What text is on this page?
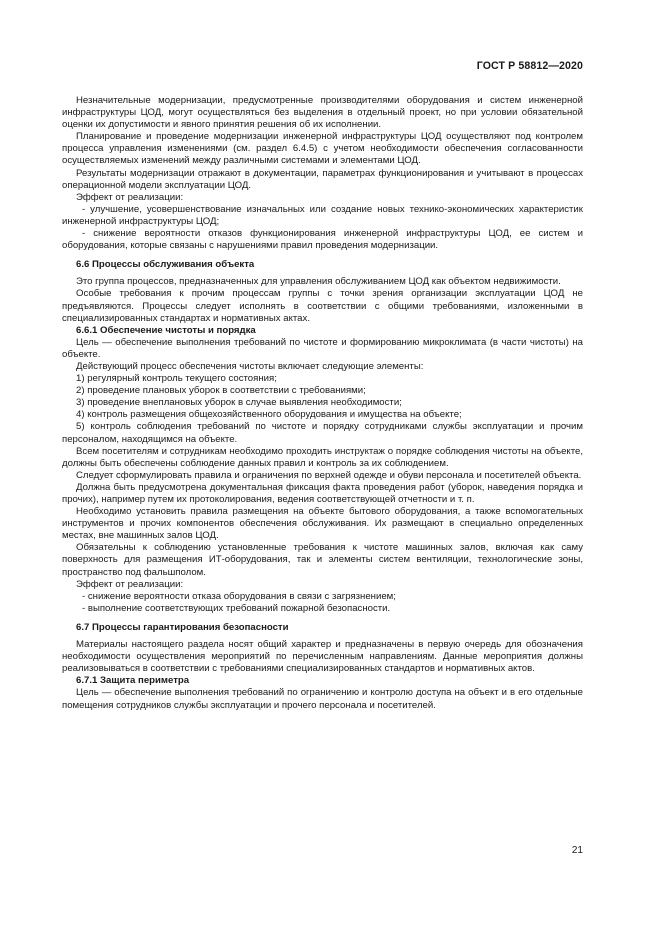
ГОСТ Р 58812—2020

Незначительные модернизации, предусмотренные производителями оборудования и систем инженерной инфраструктуры ЦОД, могут осуществляться без выделения в отдельный проект, но при условии обязательной оценки их допустимости и явного принятия решения об их исполнении.

Планирование и проведение модернизации инженерной инфраструктуры ЦОД осуществляют под контролем процесса управления изменениями (см. раздел 6.4.5) с учетом необходимости обеспечения согласованности осуществляемых изменений между различными системами и элементами ЦОД.

Результаты модернизации отражают в документации, параметрах функционирования и учитывают в процессах операционной модели эксплуатации ЦОД.

Эффект от реализации:

- улучшение, усовершенствование изначальных или создание новых технико-экономических характеристик инженерной инфраструктуры ЦОД;

- снижение вероятности отказов функционирования инженерной инфраструктуры ЦОД, ее систем и оборудования, которые связаны с нарушениями правил проведения модернизации.

6.6 Процессы обслуживания объекта

Это группа процессов, предназначенных для управления обслуживанием ЦОД как объектом недвижимости.

Особые требования к прочим процессам группы с точки зрения организации эксплуатации ЦОД не предъявляются. Процессы следует исполнять в соответствии с общими требованиями, изложенными в специализированных стандартах и нормативных актах.

6.6.1 Обеспечение чистоты и порядка

Цель — обеспечение выполнения требований по чистоте и формированию микроклимата (в части чистоты) на объекте.

Действующий процесс обеспечения чистоты включает следующие элементы:

1) регулярный контроль текущего состояния;

2) проведение плановых уборок в соответствии с требованиями;

3) проведение внеплановых уборок в случае выявления необходимости;

4) контроль размещения общехозяйственного оборудования и имущества на объекте;

5) контроль соблюдения требований по чистоте и порядку сотрудниками службы эксплуатации и прочим персоналом, находящимся на объекте.

Всем посетителям и сотрудникам необходимо проходить инструктаж о порядке соблюдения чистоты на объекте, должны быть обеспечены соблюдение данных правил и контроль за их соблюдением.

Следует сформулировать правила и ограничения по верхней одежде и обуви персонала и посетителей объекта.

Должна быть предусмотрена документальная фиксация факта проведения работ (уборок, наведения порядка и прочих), например путем их протоколирования, ведения соответствующей отчетности и т. п.

Необходимо установить правила размещения на объекте бытового оборудования, а также вспомогательных инструментов и прочих компонентов обеспечения обслуживания. Их размещают в специально определенных местах, вне машинных залов ЦОД.

Обязательны к соблюдению установленные требования к чистоте машинных залов, включая как саму поверхность для размещения ИТ-оборудования, так и элементы систем вентиляции, технологические зоны, пространство под фальшполом.

Эффект от реализации:

- снижение вероятности отказа оборудования в связи с загрязнением;

- выполнение соответствующих требований пожарной безопасности.

6.7 Процессы гарантирования безопасности

Материалы настоящего раздела носят общий характер и предназначены в первую очередь для обозначения необходимости осуществления мероприятий по перечисленным направлениям. Данные мероприятия должны реализовываться в соответствии с требованиями специализированных стандартов и нормативных актов.

6.7.1 Защита периметра

Цель — обеспечение выполнения требований по ограничению и контролю доступа на объект и в его отдельные помещения сотрудников службы эксплуатации и прочего персонала и посетителей.

21
